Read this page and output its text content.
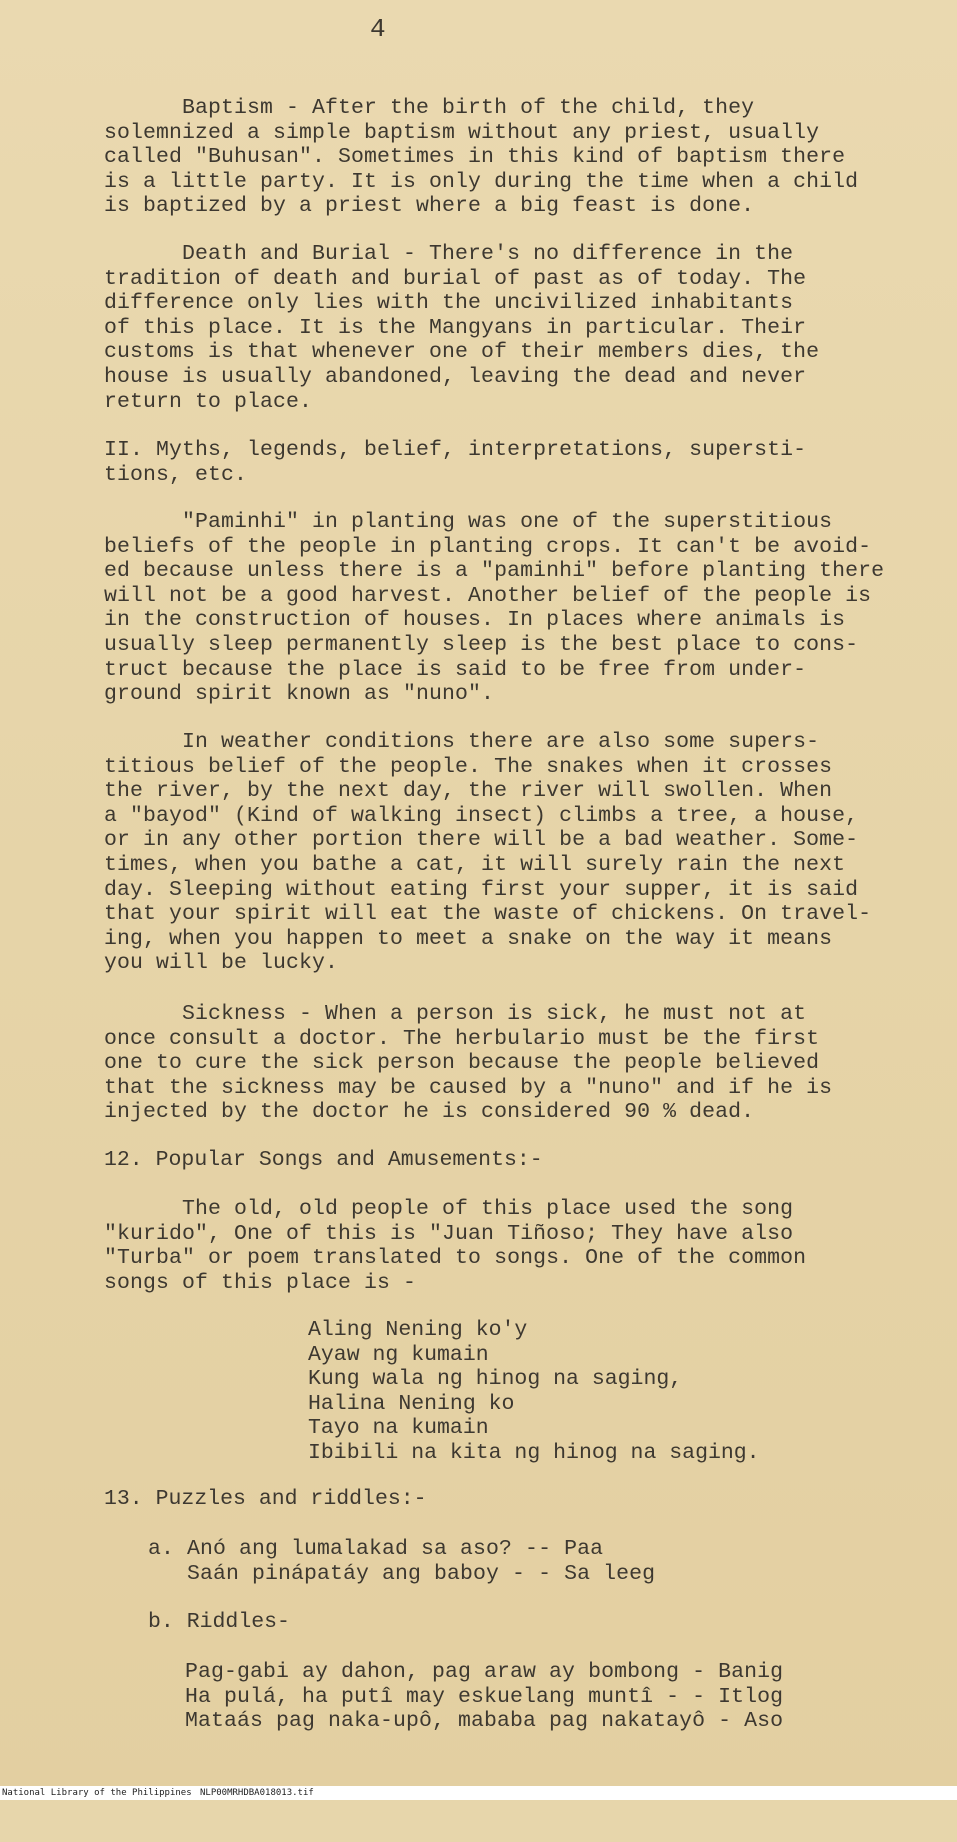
4
Baptism - After the birth of the child, they
solemnized a simple baptism without any priest, usually
called "Buhusan". Sometimes in this kind of baptism there
is a little party. It is only during the time when a child
is baptized by a priest where a big feast is done.
Death and Burial - There's no difference in the
tradition of death and burial of past as of today. The
difference only lies with the uncivilized inhabitants
of this place. It is the Mangyans in particular. Their
customs is that whenever one of their members dies, the
house is usually abandoned, leaving the dead and never
return to place.
II. Myths, legends, belief, interpretations, supersti-
tions, etc.
"Paminhi" in planting was one of the superstitious
beliefs of the people in planting crops. It can't be avoid-
ed because unless there is a "paminhi" before planting there
will not be a good harvest. Another belief of the people is
in the construction of houses. In places where animals is
usually sleep permanently sleep is the best place to cons-
truct because the place is said to be free from under-
ground spirit known as "nuno".
In weather conditions there are also some supers-
titious belief of the people. The snakes when it crosses
the river, by the next day, the river will swollen. When
a "bayod" (Kind of walking insect) climbs a tree, a house,
or in any other portion there will be a bad weather. Some-
times, when you bathe a cat, it will surely rain the next
day. Sleeping without eating first your supper, it is said
that your spirit will eat the waste of chickens. On travel-
ing, when you happen to meet a snake on the way it means
you will be lucky.
Sickness - When a person is sick, he must not at
once consult a doctor. The herbulario must be the first
one to cure the sick person because the people believed
that the sickness may be caused by a "nuno" and if he is
injected by the doctor he is considered 90 % dead.
12. Popular Songs and Amusements:-
The old, old people of this place used the song
"kurido", One of this is "Juan Tiñoso; They have also
"Turba" or poem translated to songs. One of the common
songs of this place is -
Aling Nening ko'y
Ayaw ng kumain
Kung wala ng hinog na saging,
Halina Nening ko
Tayo na kumain
Ibibili na kita ng hinog na saging.
13. Puzzles and riddles:-
a. Anó ang lumalakad sa aso? -- Paa
Saán pinápatáy ang baboy - - Sa leeg
b. Riddles-
Pag-gabi ay dahon, pag araw ay bombong - Banig
Ha pulá, ha putî may eskuelang muntî - - Itlog
Mataás pag naka-upô, mababa pag nakatayô - Aso

National Library of the Philippines

NLP00MRHDBA018013.tif
